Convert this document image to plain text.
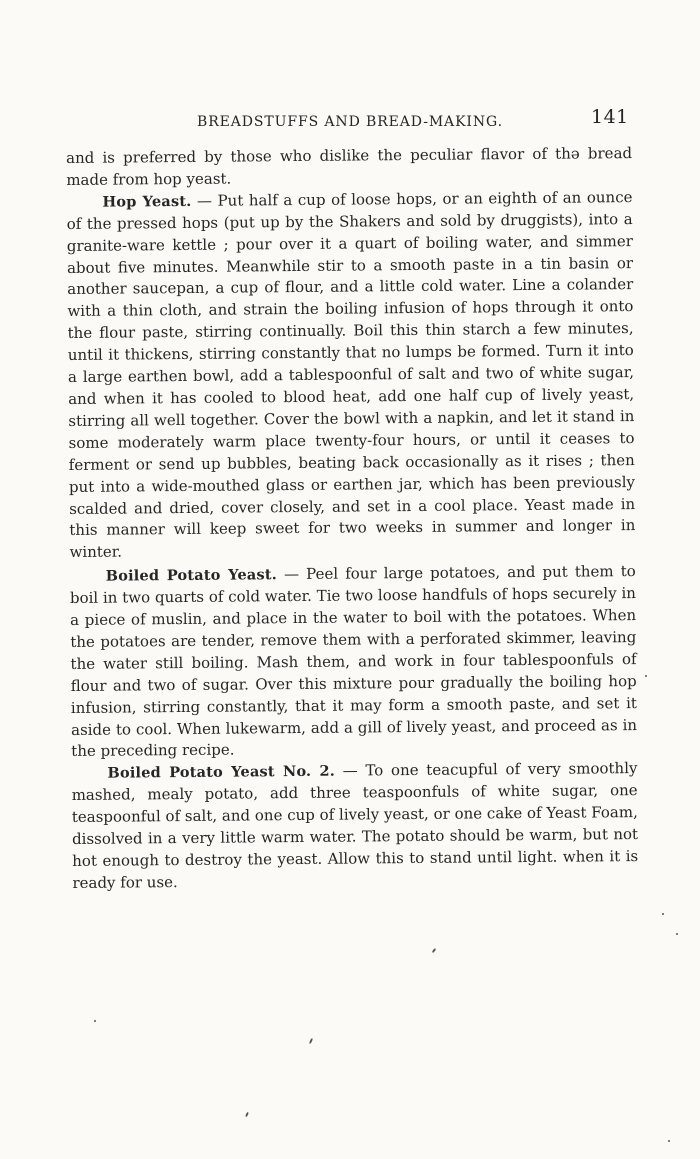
BREADSTUFFS AND BREAD-MAKING.	141

and is preferred by those who dislike the peculiar flavor of thə bread made from hop yeast.

Hop Yeast. — Put half a cup of loose hops, or an eighth of an ounce of the pressed hops (put up by the Shakers and sold by druggists), into a granite-ware kettle ; pour over it a quart of boiling water, and simmer about five minutes. Meanwhile stir to a smooth paste in a tin basin or another saucepan, a cup of flour, and a little cold water. Line a colander with a thin cloth, and strain the boiling infusion of hops through it onto the flour paste, stirring continually. Boil this thin starch a few minutes, until it thickens, stirring constantly that no lumps be formed. Turn it into a large earthen bowl, add a tablespoonful of salt and two of white sugar, and when it has cooled to blood heat, add one half cup of lively yeast, stirring all well together. Cover the bowl with a napkin, and let it stand in some moderately warm place twenty-four hours, or until it ceases to ferment or send up bubbles, beating back occasionally as it rises ; then put into a wide-mouthed glass or earthen jar, which has been previously scalded and dried, cover closely, and set in a cool place. Yeast made in this manner will keep sweet for two weeks in summer and longer in winter.

Boiled Potato Yeast. — Peel four large potatoes, and put them to boil in two quarts of cold water. Tie two loose handfuls of hops securely in a piece of muslin, and place in the water to boil with the potatoes. When the potatoes are tender, remove them with a perforated skimmer, leaving the water still boiling. Mash them, and work in four tablespoonfuls of flour and two of sugar. Over this mixture pour gradually the boiling hop infusion, stirring constantly, that it may form a smooth paste, and set it aside to cool. When lukewarm, add a gill of lively yeast, and proceed as in the preceding recipe.

Boiled Potato Yeast No. 2. — To one teacupful of very smoothly mashed, mealy potato, add three teaspoonfuls of white sugar, one teaspoonful of salt, and one cup of lively yeast, or one cake of Yeast Foam, dissolved in a very little warm water. The potato should be warm, but not hot enough to destroy the yeast. Allow this to stand until light. when it is ready for use.
